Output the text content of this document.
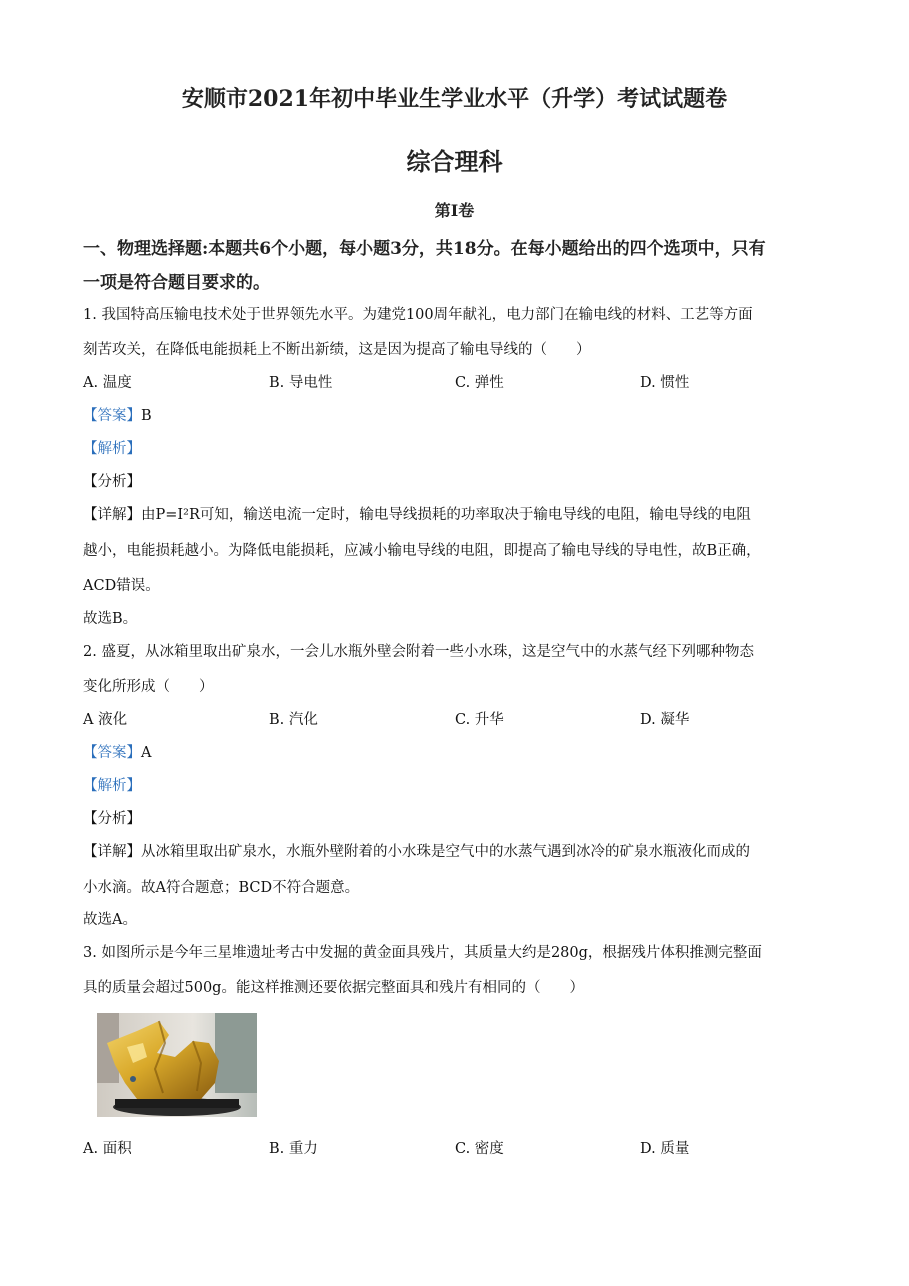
安顺市2021年初中毕业生学业水平（升学）考试试题卷
综合理科
第I卷
一、物理选择题:本题共6个小题，每小题3分，共18分。在每小题给出的四个选项中，只有
一项是符合题目要求的。
1. 我国特高压输电技术处于世界领先水平。为建党100周年献礼，电力部门在输电线的材料、工艺等方面
刻苦攻关，在降低电能损耗上不断出新绩，这是因为提高了输电导线的（　　）
A. 温度	B. 导电性	C. 弹性	D. 惯性
【答案】B
【解析】
【分析】
【详解】由P=I²R可知，输送电流一定时，输电导线损耗的功率取决于输电导线的电阻，输电导线的电阻
越小，电能损耗越小。为降低电能损耗，应减小输电导线的电阻，即提高了输电导线的导电性，故B正确，
ACD错误。
故选B。
2. 盛夏，从冰箱里取出矿泉水，一会儿水瓶外壁会附着一些小水珠，这是空气中的水蒸气经下列哪种物态
变化所形成（　　）
A 液化	B. 汽化	C. 升华	D. 凝华
【答案】A
【解析】
【分析】
【详解】从冰箱里取出矿泉水，水瓶外壁附着的小水珠是空气中的水蒸气遇到冰冷的矿泉水瓶液化而成的
小水滴。故A符合题意；BCD不符合题意。
故选A。
3. 如图所示是今年三星堆遗址考古中发掘的黄金面具残片，其质量大约是280g，根据残片体积推测完整面
具的质量会超过500g。能这样推测还要依据完整面具和残片有相同的（　　）
A. 面积	B. 重力	C. 密度	D. 质量
